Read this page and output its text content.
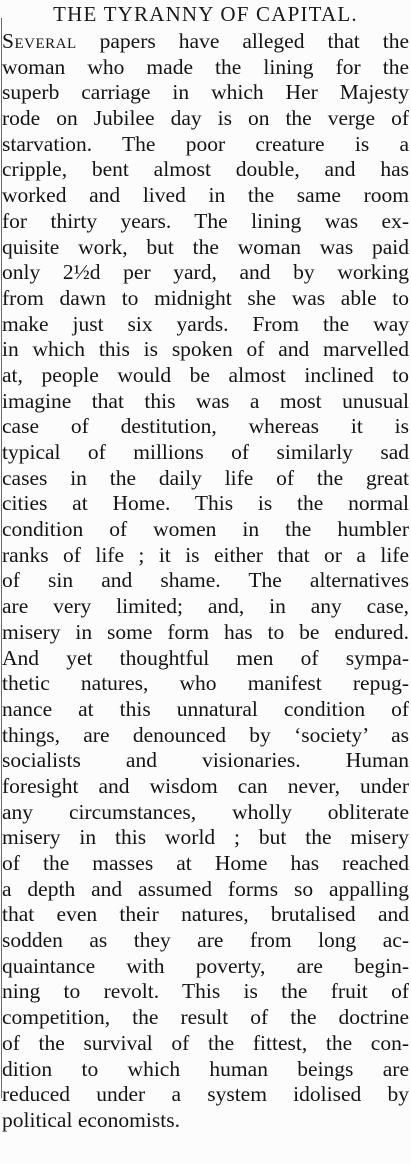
THE TYRANNY OF CAPITAL.
Several papers have alleged that the
woman who made the lining for the
superb carriage in which Her Majesty
rode on Jubilee day is on the verge of
starvation. The poor creature is a
cripple, bent almost double, and has
worked and lived in the same room
for thirty years. The lining was ex-
quisite work, but the woman was paid
only 2½d per yard, and by working
from dawn to midnight she was able to
make just six yards. From the way
in which this is spoken of and marvelled
at, people would be almost inclined to
imagine that this was a most unusual
case of destitution, whereas it is
typical of millions of similarly sad
cases in the daily life of the great
cities at Home. This is the normal
condition of women in the humbler
ranks of life ; it is either that or a life
of sin and shame. The alternatives
are very limited; and, in any case,
misery in some form has to be endured.
And yet thoughtful men of sympa-
thetic natures, who manifest repug-
nance at this unnatural condition of
things, are denounced by ‘society’ as
socialists and visionaries. Human
foresight and wisdom can never, under
any circumstances, wholly obliterate
misery in this world ; but the misery
of the masses at Home has reached
a depth and assumed forms so appalling
that even their natures, brutalised and
sodden as they are from long ac-
quaintance with poverty, are begin-
ning to revolt. This is the fruit of
competition, the result of the doctrine
of the survival of the fittest, the con-
dition to which human beings are
reduced under a system idolised by
political economists.
